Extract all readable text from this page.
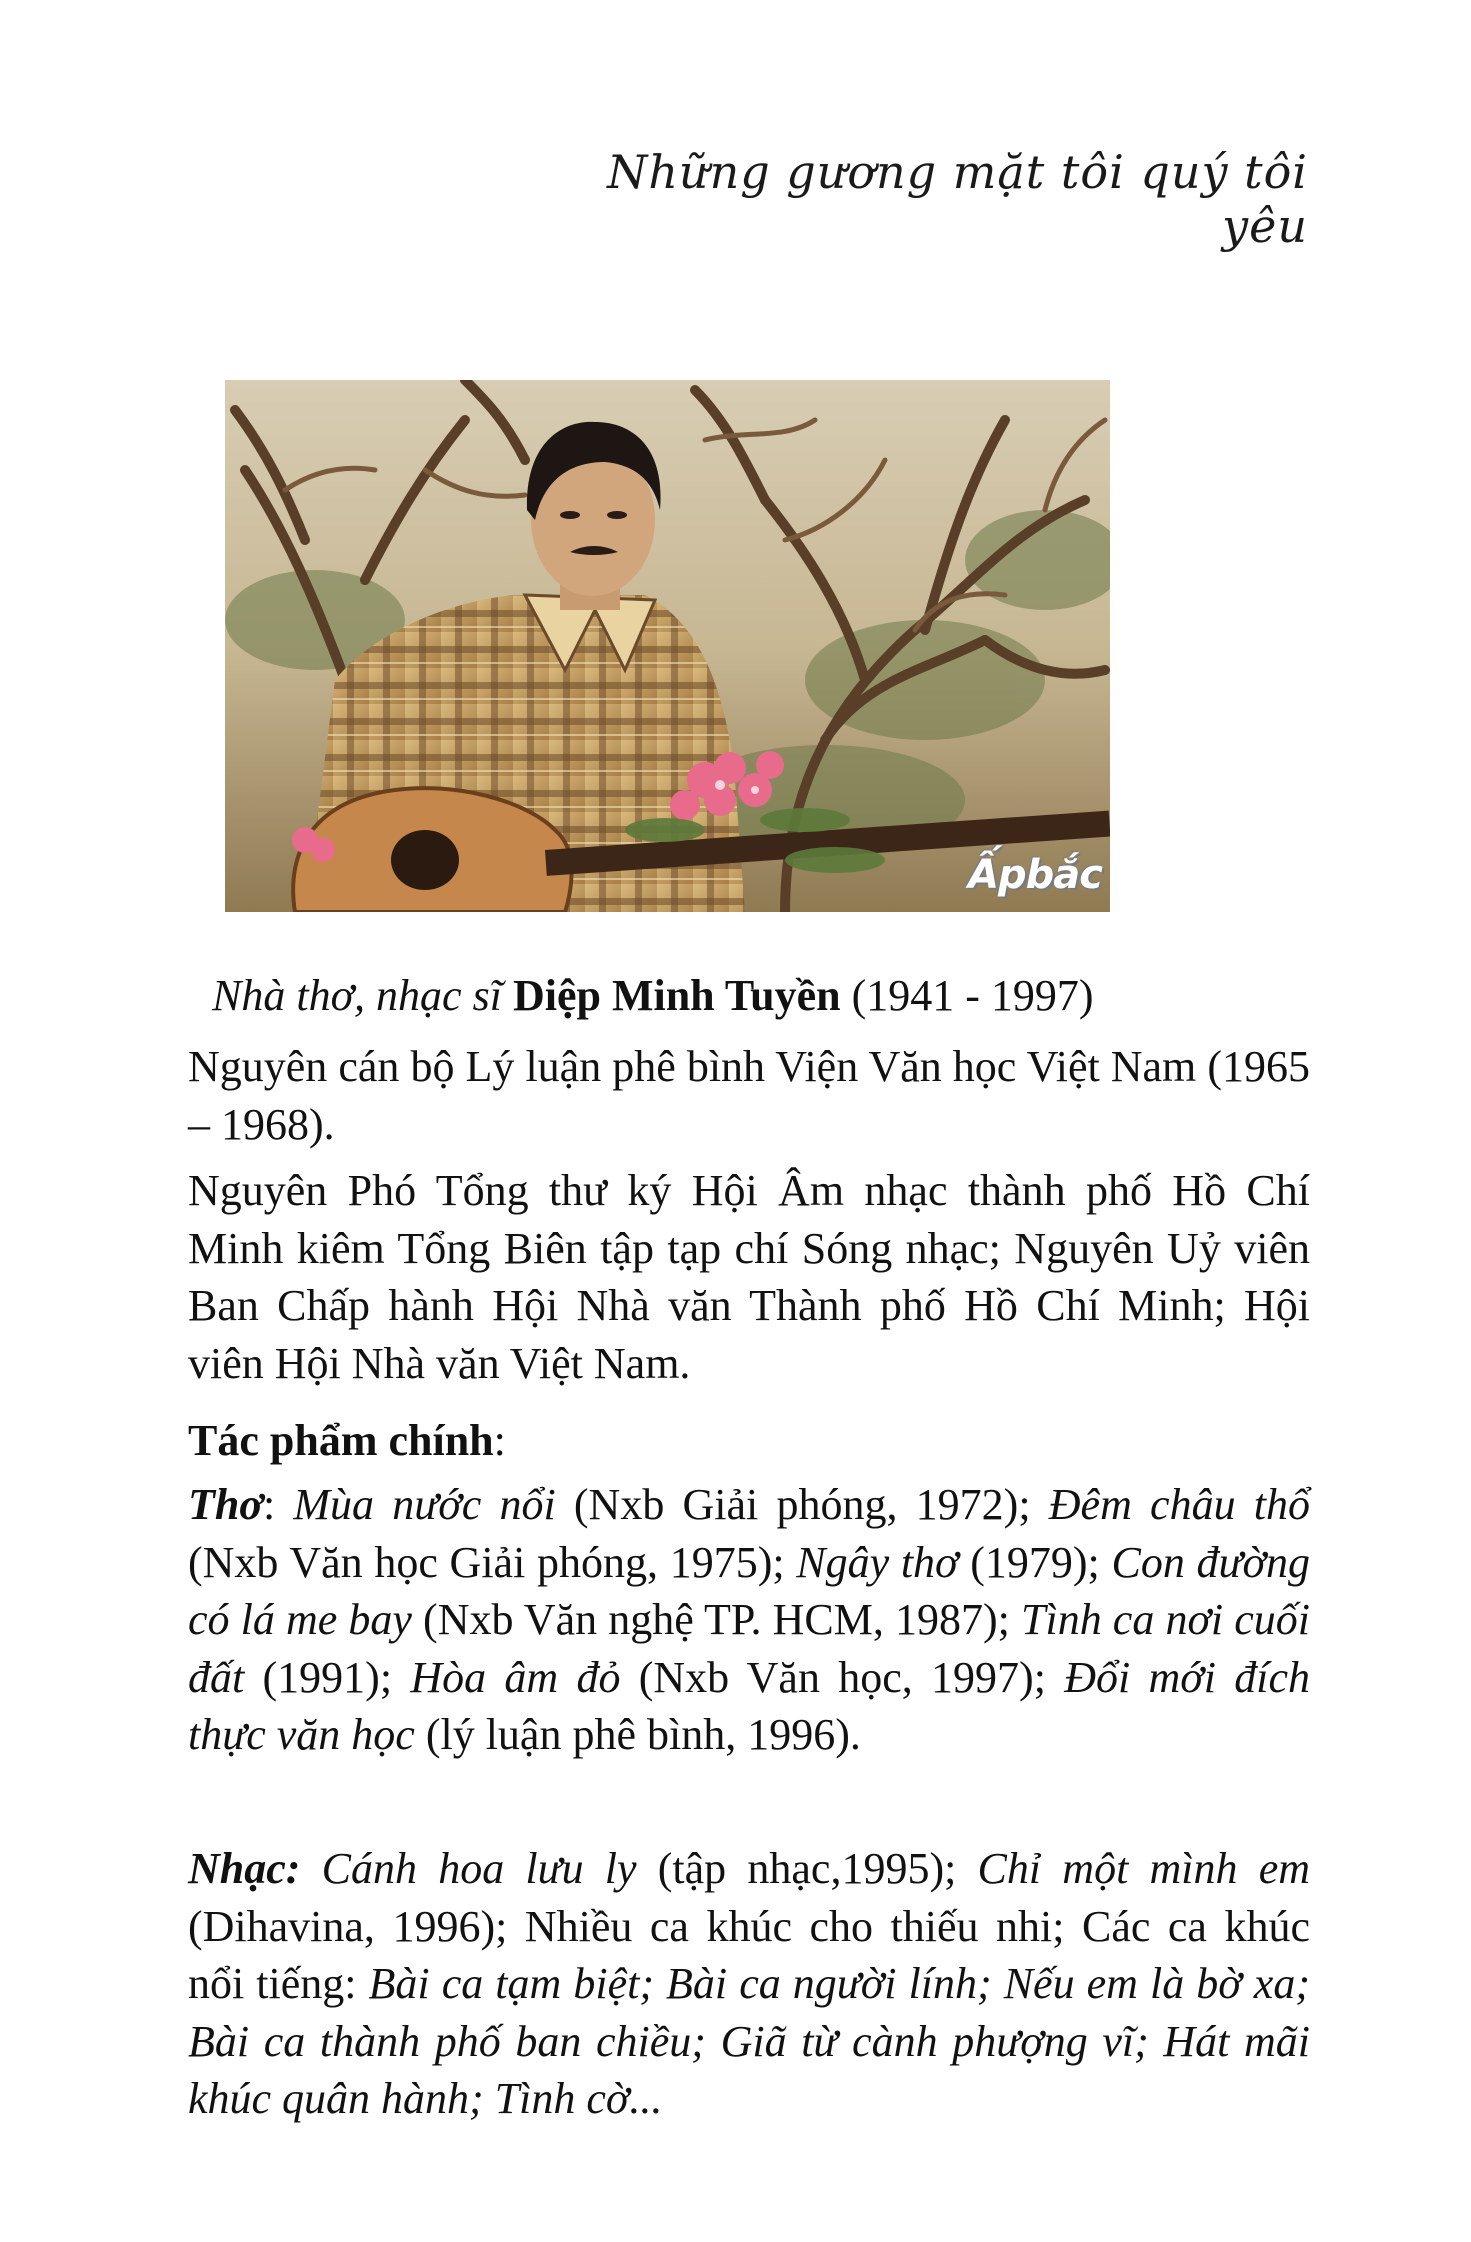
Những gương mặt tôi quý tôi yêu
Ấpbắc
Nhà thơ, nhạc sĩ Diệp Minh Tuyền (1941 - 1997)
Nguyên cán bộ Lý luận phê bình Viện Văn học Việt Nam (1965 – 1968).
Nguyên Phó Tổng thư ký Hội Âm nhạc thành phố Hồ Chí Minh kiêm Tổng Biên tập tạp chí Sóng nhạc; Nguyên Uỷ viên Ban Chấp hành Hội Nhà văn Thành phố Hồ Chí Minh; Hội viên Hội Nhà văn Việt Nam.
Tác phẩm chính:
Thơ: Mùa nước nổi (Nxb Giải phóng, 1972); Đêm châu thổ (Nxb Văn học Giải phóng, 1975); Ngây thơ (1979); Con đường có lá me bay (Nxb Văn nghệ TP. HCM, 1987); Tình ca nơi cuối đất (1991); Hòa âm đỏ (Nxb Văn học, 1997); Đổi mới đích thực văn học (lý luận phê bình, 1996).
Nhạc: Cánh hoa lưu ly (tập nhạc,1995); Chỉ một mình em (Dihavina, 1996); Nhiều ca khúc cho thiếu nhi; Các ca khúc nổi tiếng: Bài ca tạm biệt; Bài ca người lính; Nếu em là bờ xa; Bài ca thành phố ban chiều; Giã từ cành phượng vĩ; Hát mãi khúc quân hành; Tình cờ...
